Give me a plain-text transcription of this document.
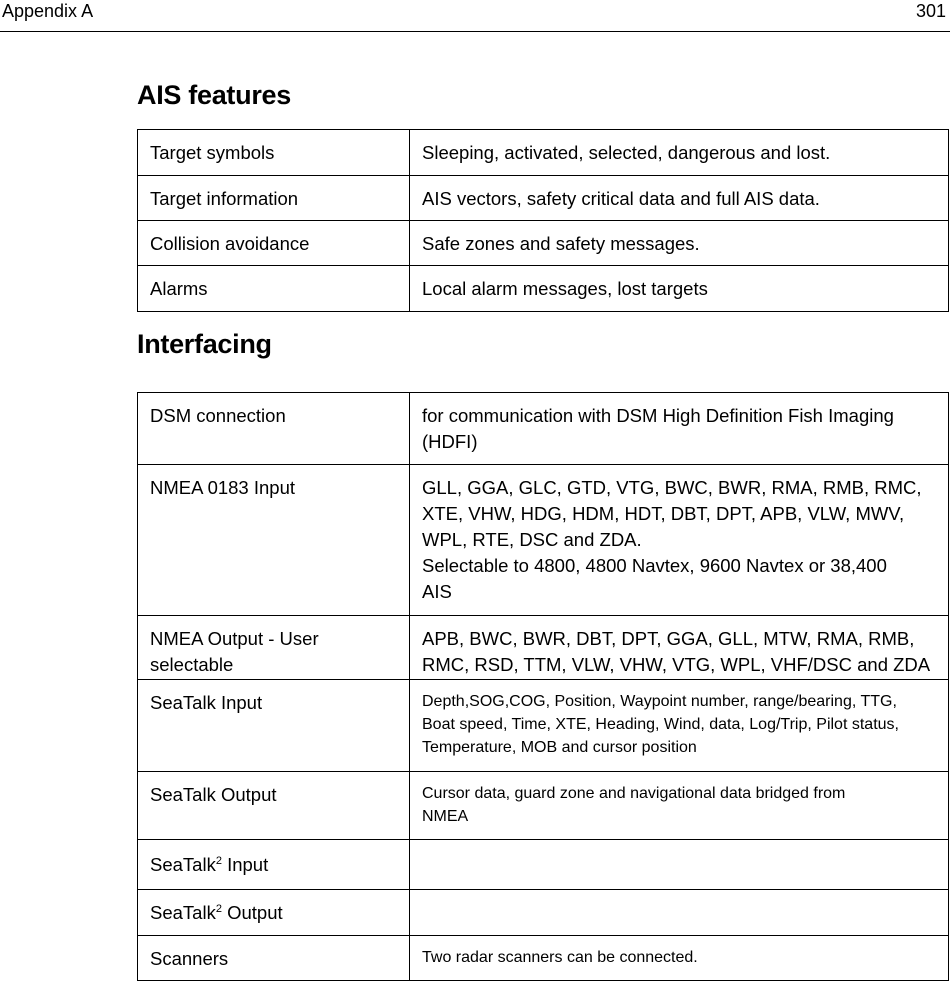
Appendix A	301
AIS features
Target symbols	Sleeping, activated, selected, dangerous and lost.

Target information	AIS vectors, safety critical data and full AIS data.

Collision avoidance	Safe zones and safety messages.

Alarms	Local alarm messages, lost targets
Interfacing
DSM connection	for communication with DSM High Definition Fish Imaging
(HDFI)

NMEA 0183 Input	GLL, GGA, GLC, GTD, VTG, BWC, BWR, RMA, RMB, RMC,
XTE, VHW, HDG, HDM, HDT, DBT, DPT, APB, VLW, MWV,
WPL, RTE, DSC and ZDA.
Selectable to 4800, 4800 Navtex, 9600 Navtex or 38,400
AIS

NMEA Output - User
selectable	APB, BWC, BWR, DBT, DPT, GGA, GLL, MTW, RMA, RMB,
RMC, RSD, TTM, VLW, VHW, VTG, WPL, VHF/DSC and ZDA

SeaTalk Input	Depth,SOG,COG, Position, Waypoint number, range/bearing, TTG,
Boat speed, Time, XTE, Heading, Wind, data, Log/Trip, Pilot status,
Temperature, MOB and cursor position

SeaTalk Output	Cursor data, guard zone and navigational data bridged from
NMEA

SeaTalk$^2$ Input	
SeaTalk$^2$ Output	

Scanners	Two radar scanners can be connected.
